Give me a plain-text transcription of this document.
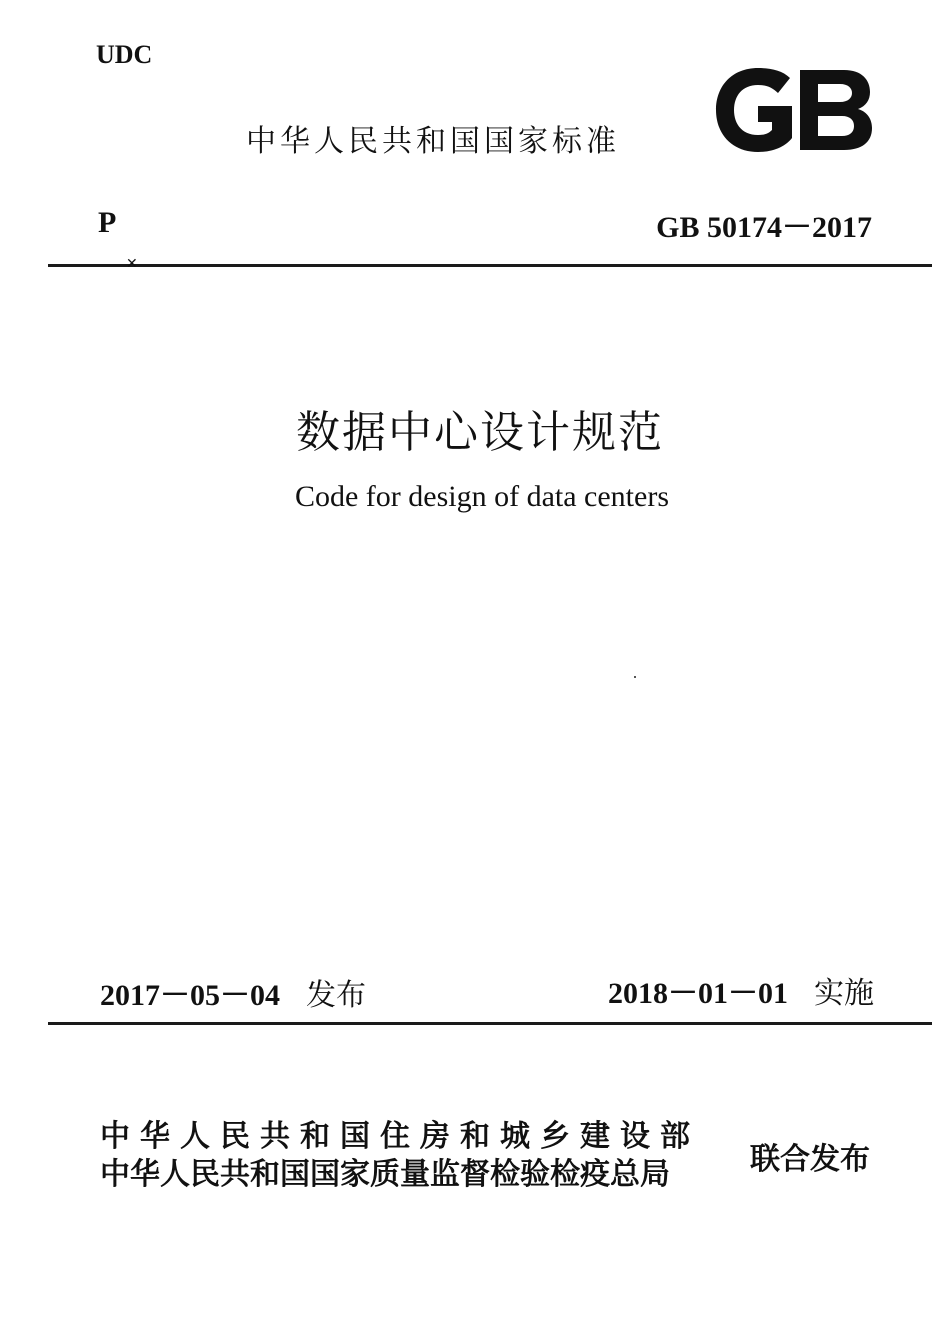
UDC
中华人民共和国国家标准
P	GB 50174－2017
✕
数据中心设计规范
Code for design of data centers
2017－05－04 发布	2018－01－01 实施
中华人民共和国住房和城乡建设部
中华人民共和国国家质量监督检验检疫总局	联合发布
